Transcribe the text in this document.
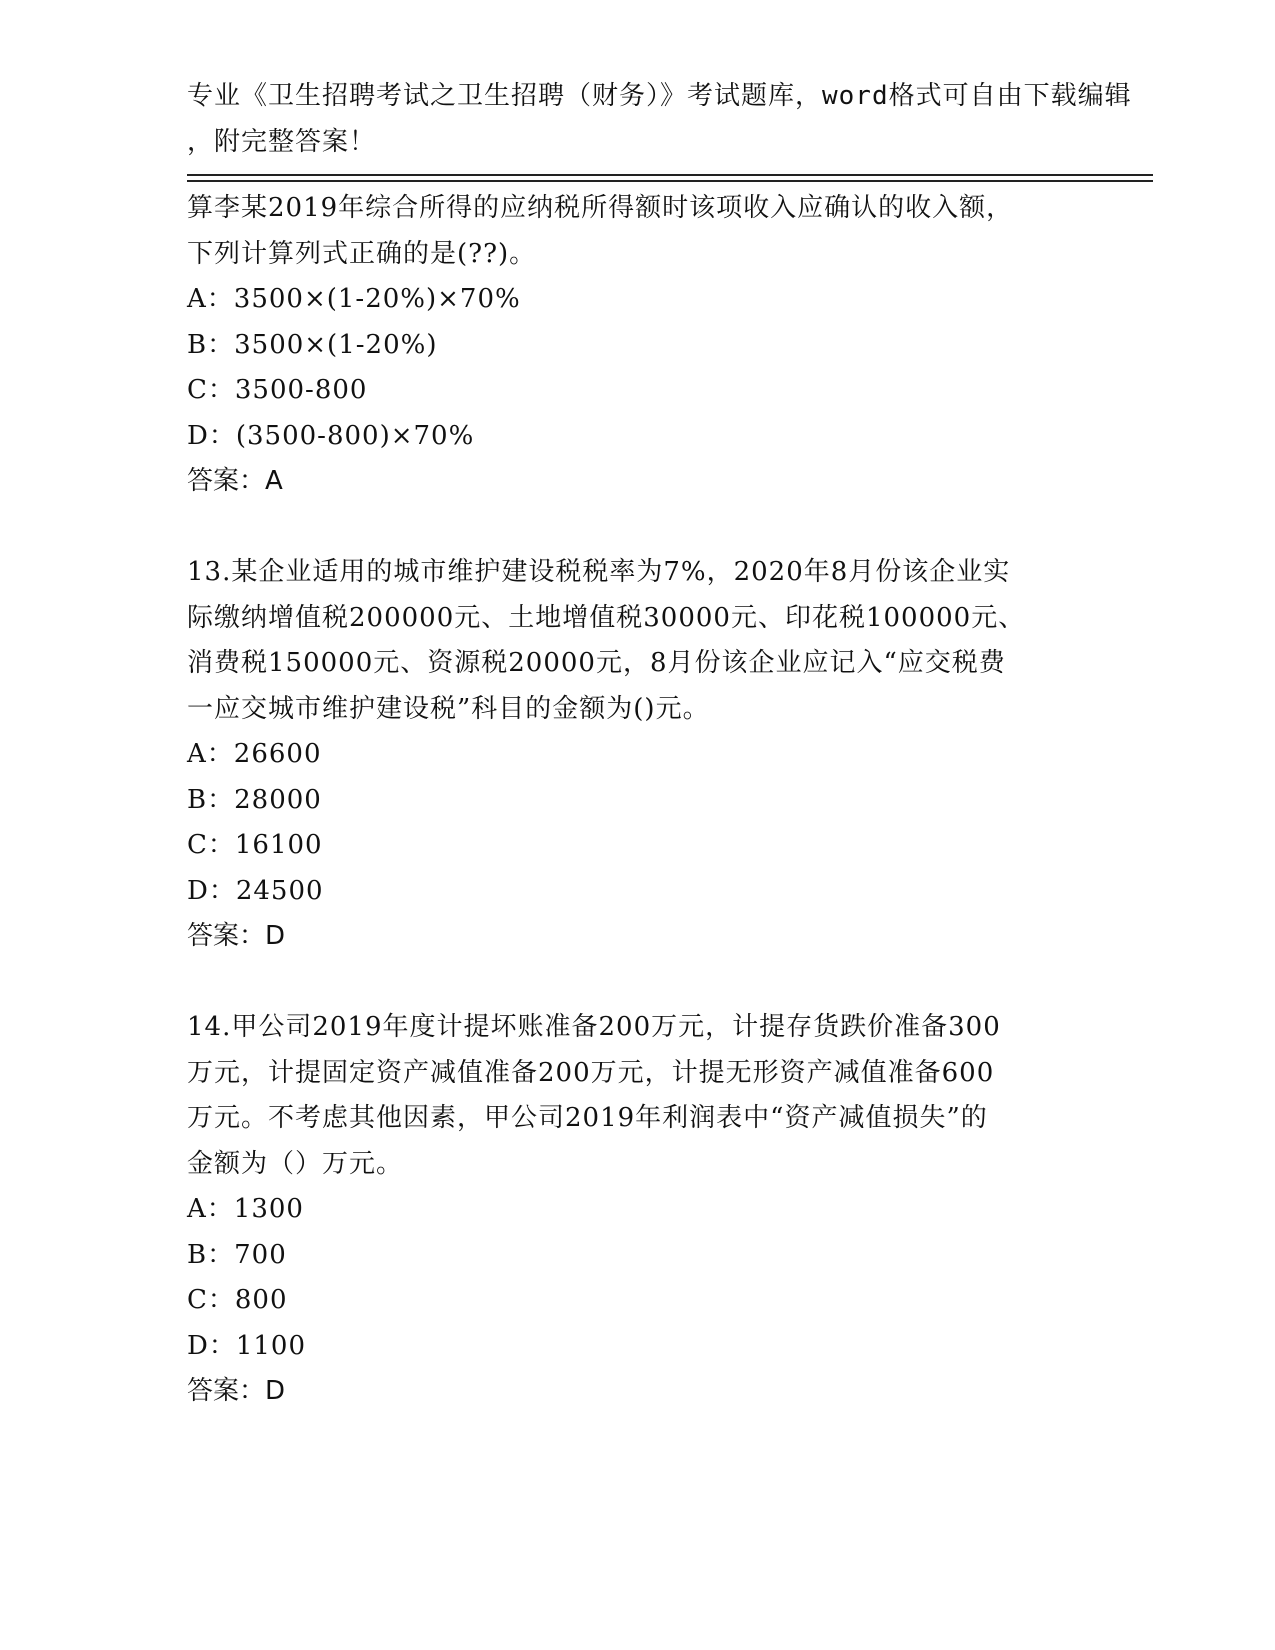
专业《卫生招聘考试之卫生招聘（财务）》考试题库，word格式可自由下载编辑
，附完整答案！
算李某2019年综合所得的应纳税所得额时该项收入应确认的收入额，
下列计算列式正确的是(??)。
A：3500×(1-20%)×70%
B：3500×(1-20%)
C：3500-800
D：(3500-800)×70%
答案：A
13.某企业适用的城市维护建设税税率为7%，2020年8月份该企业实
际缴纳增值税200000元、土地增值税30000元、印花税100000元、
消费税150000元、资源税20000元，8月份该企业应记入“应交税费
一应交城市维护建设税”科目的金额为()元。
A：26600
B：28000
C：16100
D：24500
答案：D
14.甲公司2019年度计提坏账准备200万元，计提存货跌价准备300
万元，计提固定资产减值准备200万元，计提无形资产减值准备600
万元。不考虑其他因素，甲公司2019年利润表中“资产减值损失”的
金额为（）万元。
A：1300
B：700
C：800
D：1100
答案：D
